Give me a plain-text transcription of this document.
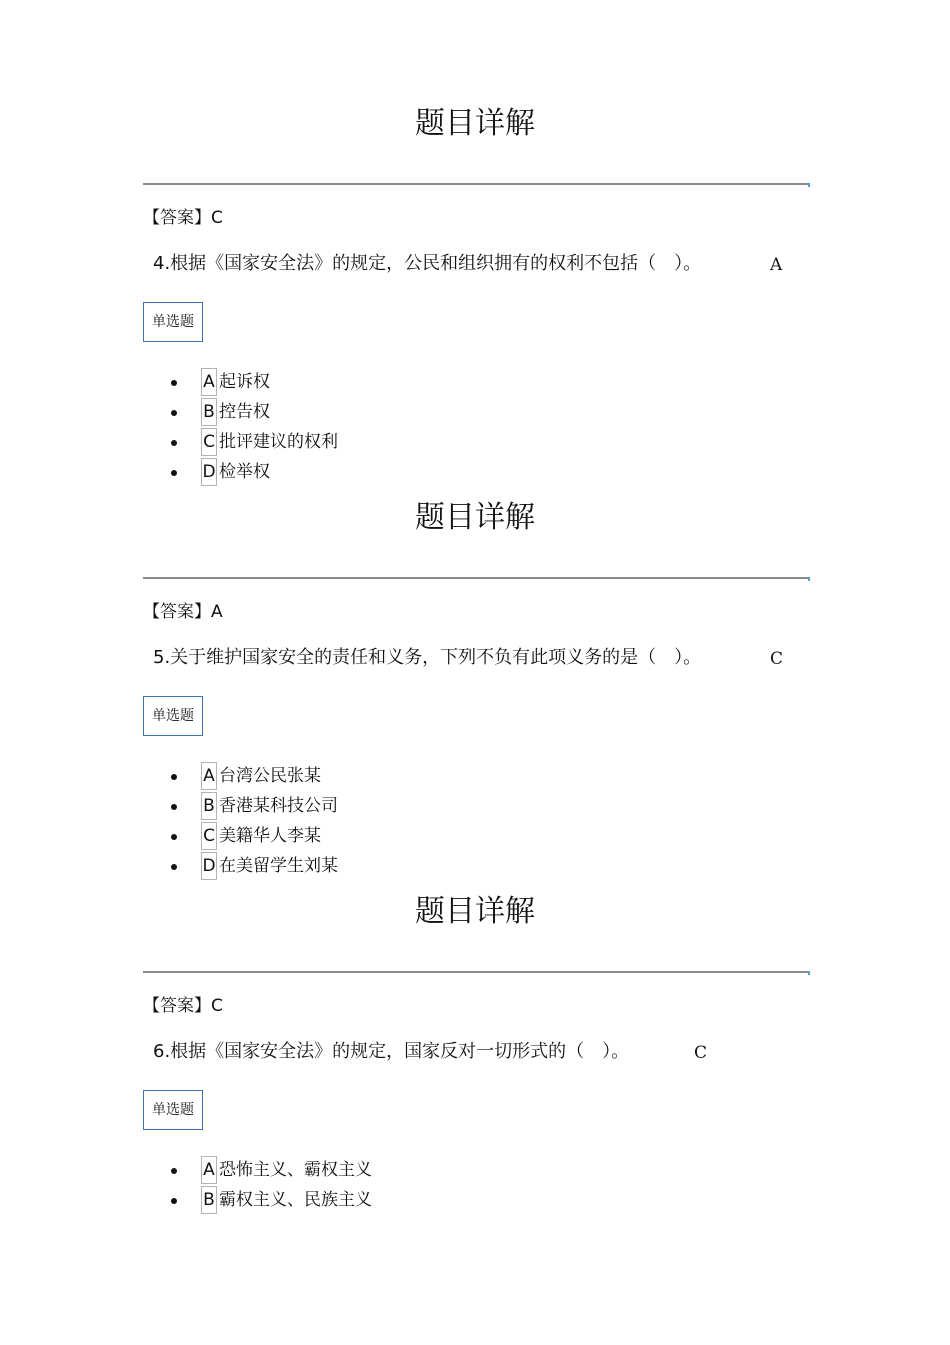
题目详解
【答案】C
4.根据《国家安全法》的规定，公民和组织拥有的权利不包括（　）。	A
单选题
A 起诉权
B 控告权
C 批评建议的权利
D 检举权
题目详解
【答案】A
5.关于维护国家安全的责任和义务，下列不负有此项义务的是（　）。	C
单选题
A 台湾公民张某
B 香港某科技公司
C 美籍华人李某
D 在美留学生刘某
题目详解
【答案】C
6.根据《国家安全法》的规定，国家反对一切形式的（　）。	C
单选题
A 恐怖主义、霸权主义
B 霸权主义、民族主义
